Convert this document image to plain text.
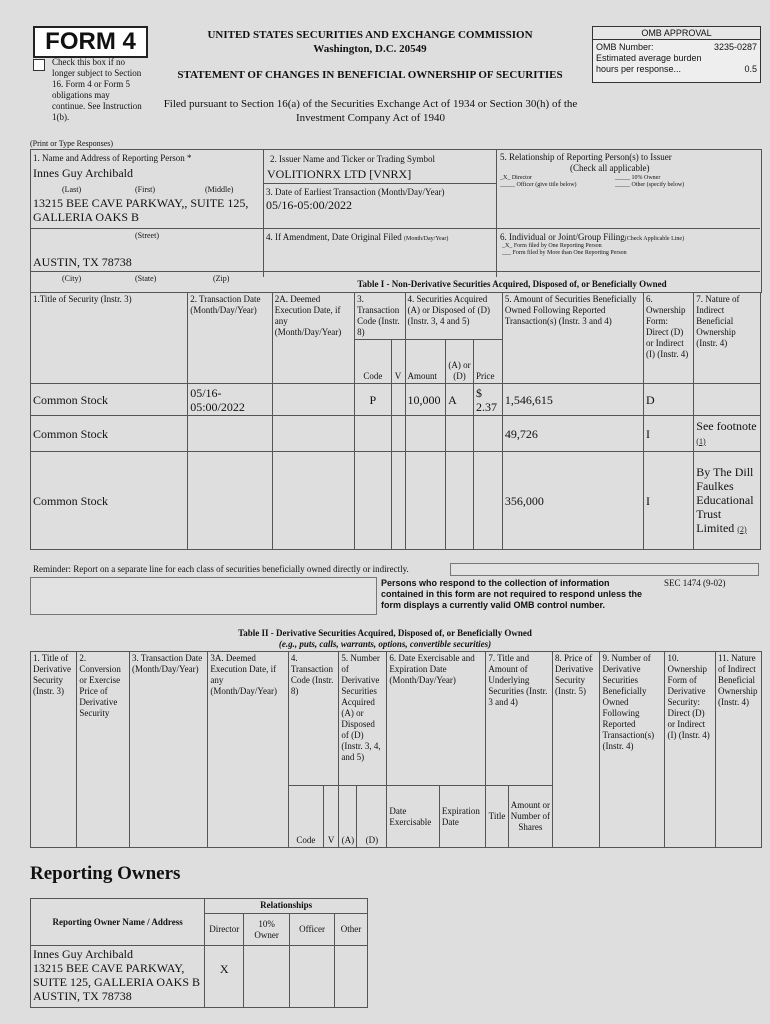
FORM 4
Check this box if no longer subject to Section 16. Form 4 or Form 5 obligations may continue. See Instruction 1(b).
UNITED STATES SECURITIES AND EXCHANGE COMMISSION
Washington, D.C. 20549
STATEMENT OF CHANGES IN BENEFICIAL OWNERSHIP OF SECURITIES
Filed pursuant to Section 16(a) of the Securities Exchange Act of 1934 or Section 30(h) of the Investment Company Act of 1940
OMB APPROVAL
OMB Number:	3235-0287
Estimated average burden
hours per response...	0.5
(Print or Type Responses)
1. Name and Address of Reporting Person *
Innes Guy Archibald
(Last)	(First)	(Middle)
13215 BEE CAVE PARKWAY,, SUITE 125, GALLERIA OAKS B
(Street)
AUSTIN, TX 78738
(City)	(State)	(Zip)
2. Issuer Name and Ticker or Trading Symbol
VOLITIONRX LTD [VNRX]
3. Date of Earliest Transaction (Month/Day/Year)
05/16-05:00/2022
4. If Amendment, Date Original Filed (Month/Day/Year)
5. Relationship of Reporting Person(s) to Issuer
(Check all applicable)
_X_ Director	_____ 10% Owner
_____ Officer (give title below)	_____ Other (specify below)
6. Individual or Joint/Group Filing(Check Applicable Line)
_X_ Form filed by One Reporting Person
___ Form filed by More than One Reporting Person
Table I - Non-Derivative Securities Acquired, Disposed of, or Beneficially Owned
1.Title of Security (Instr. 3)	2. Transaction Date (Month/Day/Year)	2A. Deemed Execution Date, if any (Month/Day/Year)	3. Transaction Code (Instr. 8)		4. Securities Acquired (A) or Disposed of (D) (Instr. 3, 4 and 5)			5. Amount of Securities Beneficially Owned Following Reported Transaction(s) (Instr. 3 and 4)	6. Ownership Form: Direct (D) or Indirect (I) (Instr. 4)	7. Nature of Indirect Beneficial Ownership (Instr. 4)
			Code	V	Amount	(A) or (D)	Price			
Common Stock	05/16-05:00/2022		P		10,000	A	$ 2.37	1,546,615	D	
Common Stock								49,726	I	See footnote (1)
Common Stock								356,000	I	By The Dill Faulkes Educational Trust Limited (2)
Reminder: Report on a separate line for each class of securities beneficially owned directly or indirectly.
Persons who respond to the collection of information contained in this form are not required to respond unless the form displays a currently valid OMB control number.
SEC 1474 (9-02)
Table II - Derivative Securities Acquired, Disposed of, or Beneficially Owned
(e.g., puts, calls, warrants, options, convertible securities)
1. Title of Derivative Security (Instr. 3)	2. Conversion or Exercise Price of Derivative Security	3. Transaction Date (Month/Day/Year)	3A. Deemed Execution Date, if any (Month/Day/Year)	4. Transaction Code (Instr. 8)		5. Number of Derivative Securities Acquired (A) or Disposed of (D) (Instr. 3, 4, and 5)		6. Date Exercisable and Expiration Date (Month/Day/Year)		7. Title and Amount of Underlying Securities (Instr. 3 and 4)		8. Price of Derivative Security (Instr. 5)	9. Number of Derivative Securities Beneficially Owned Following Reported Transaction(s) (Instr. 4)	10. Ownership Form of Derivative Security: Direct (D) or Indirect (I) (Instr. 4)	11. Nature of Indirect Beneficial Ownership (Instr. 4)
				Code	V	(A)	(D)	Date Exercisable	Expiration Date	Title	Amount or Number of Shares				
Reporting Owners
Reporting Owner Name / Address	Relationships			
	Director	10% Owner	Officer	Other

Innes Guy Archibald
13215 BEE CAVE PARKWAY,
SUITE 125, GALLERIA OAKS B
AUSTIN, TX 78738	X			
